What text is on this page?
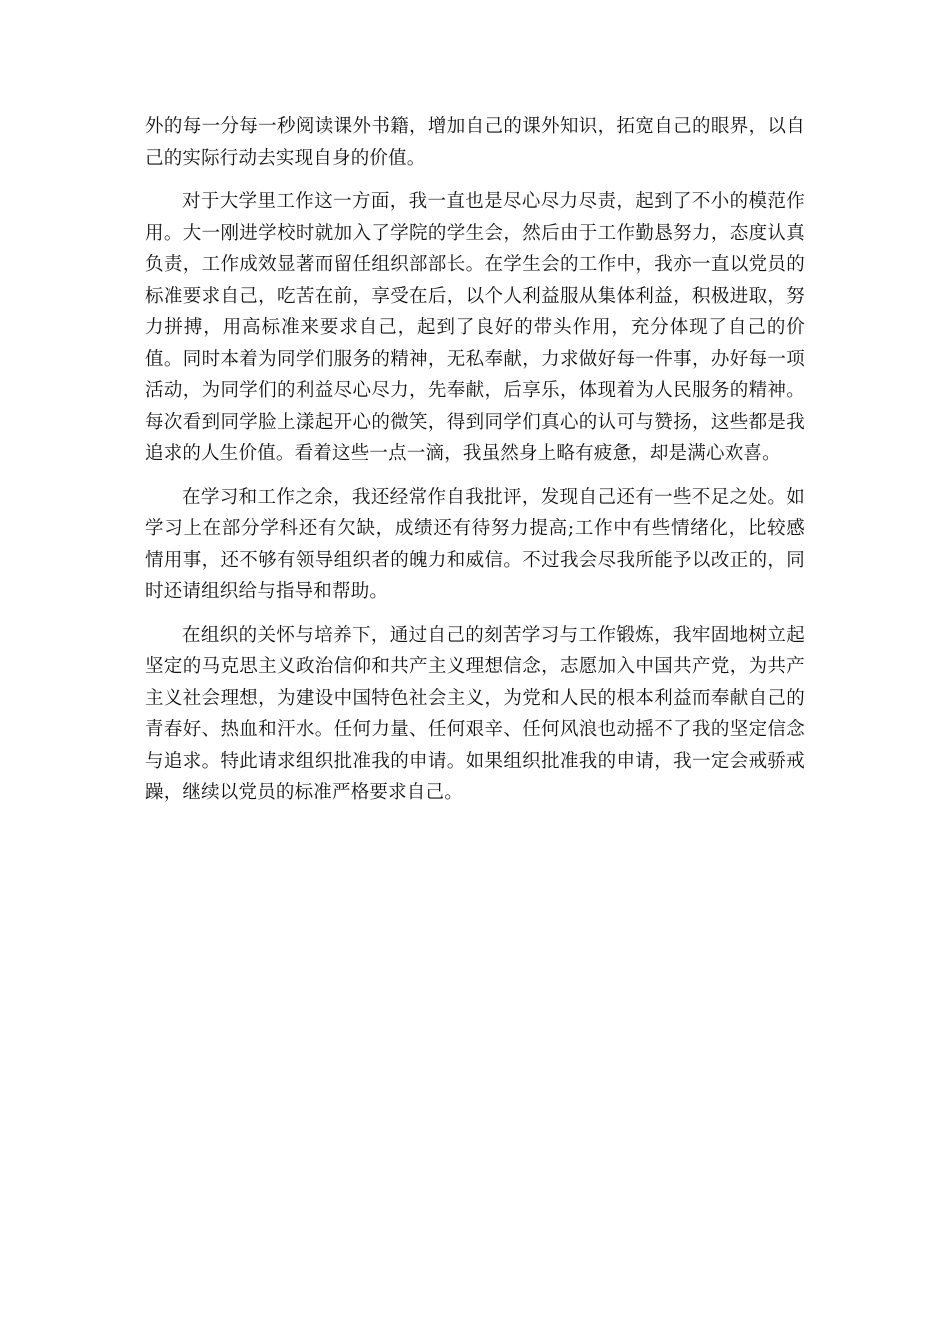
外的每一分每一秒阅读课外书籍，增加自己的课外知识，拓宽自己的眼界，以自己的实际行动去实现自身的价值。

对于大学里工作这一方面，我一直也是尽心尽力尽责，起到了不小的模范作用。大一刚进学校时就加入了学院的学生会，然后由于工作勤恳努力，态度认真负责，工作成效显著而留任组织部部长。在学生会的工作中，我亦一直以党员的标准要求自己，吃苦在前，享受在后，以个人利益服从集体利益，积极进取，努力拼搏，用高标准来要求自己，起到了良好的带头作用，充分体现了自己的价值。同时本着为同学们服务的精神，无私奉献，力求做好每一件事，办好每一项活动，为同学们的利益尽心尽力，先奉献，后享乐，体现着为人民服务的精神。每次看到同学脸上漾起开心的微笑，得到同学们真心的认可与赞扬，这些都是我追求的人生价值。看着这些一点一滴，我虽然身上略有疲惫，却是满心欢喜。

在学习和工作之余，我还经常作自我批评，发现自己还有一些不足之处。如学习上在部分学科还有欠缺，成绩还有待努力提高;工作中有些情绪化，比较感情用事，还不够有领导组织者的魄力和威信。不过我会尽我所能予以改正的，同时还请组织给与指导和帮助。

在组织的关怀与培养下，通过自己的刻苦学习与工作锻炼，我牢固地树立起坚定的马克思主义政治信仰和共产主义理想信念，志愿加入中国共产党，为共产主义社会理想，为建设中国特色社会主义，为党和人民的根本利益而奉献自己的青春好、热血和汗水。任何力量、任何艰辛、任何风浪也动摇不了我的坚定信念与追求。特此请求组织批准我的申请。如果组织批准我的申请，我一定会戒骄戒躁，继续以党员的标准严格要求自己。
